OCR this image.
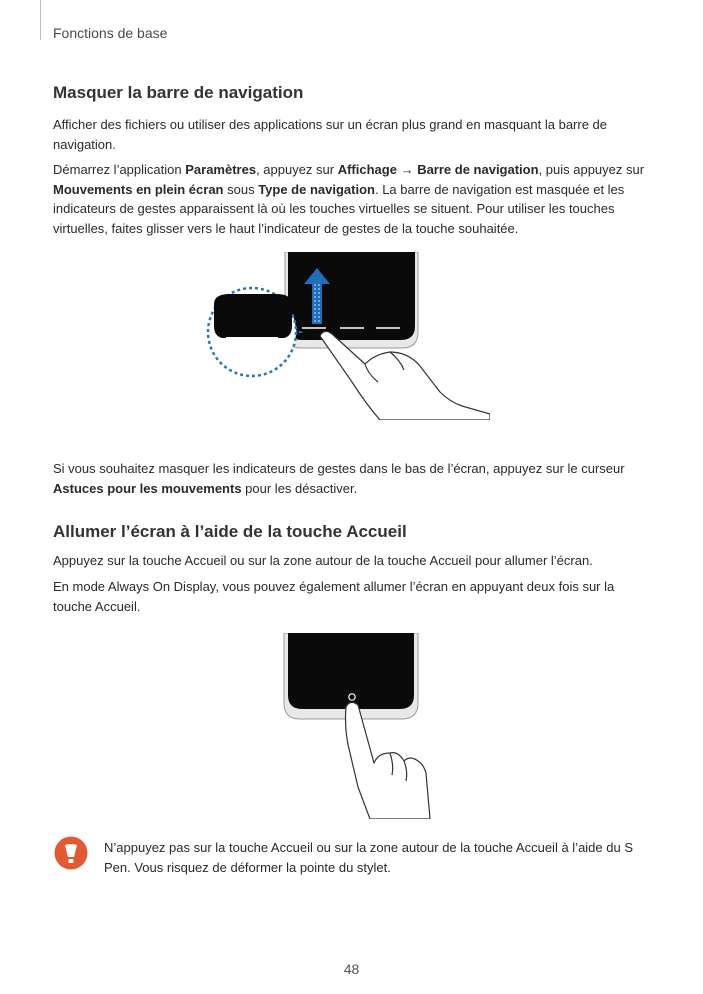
Fonctions de base
Masquer la barre de navigation

Afficher des fichiers ou utiliser des applications sur un écran plus grand en masquant la barre de navigation.

Démarrez l’application Paramètres, appuyez sur Affichage → Barre de navigation, puis appuyez sur Mouvements en plein écran sous Type de navigation. La barre de navigation est masquée et les indicateurs de gestes apparaissent là où les touches virtuelles se situent. Pour utiliser les touches virtuelles, faites glisser vers le haut l’indicateur de gestes de la touche souhaitée.

Si vous souhaitez masquer les indicateurs de gestes dans le bas de l’écran, appuyez sur le curseur Astuces pour les mouvements pour les désactiver.

Allumer l’écran à l’aide de la touche Accueil

Appuyez sur la touche Accueil ou sur la zone autour de la touche Accueil pour allumer l’écran.

En mode Always On Display, vous pouvez également allumer l’écran en appuyant deux fois sur la touche Accueil.

N’appuyez pas sur la touche Accueil ou sur la zone autour de la touche Accueil à l’aide du S Pen. Vous risquez de déformer la pointe du stylet.

48
